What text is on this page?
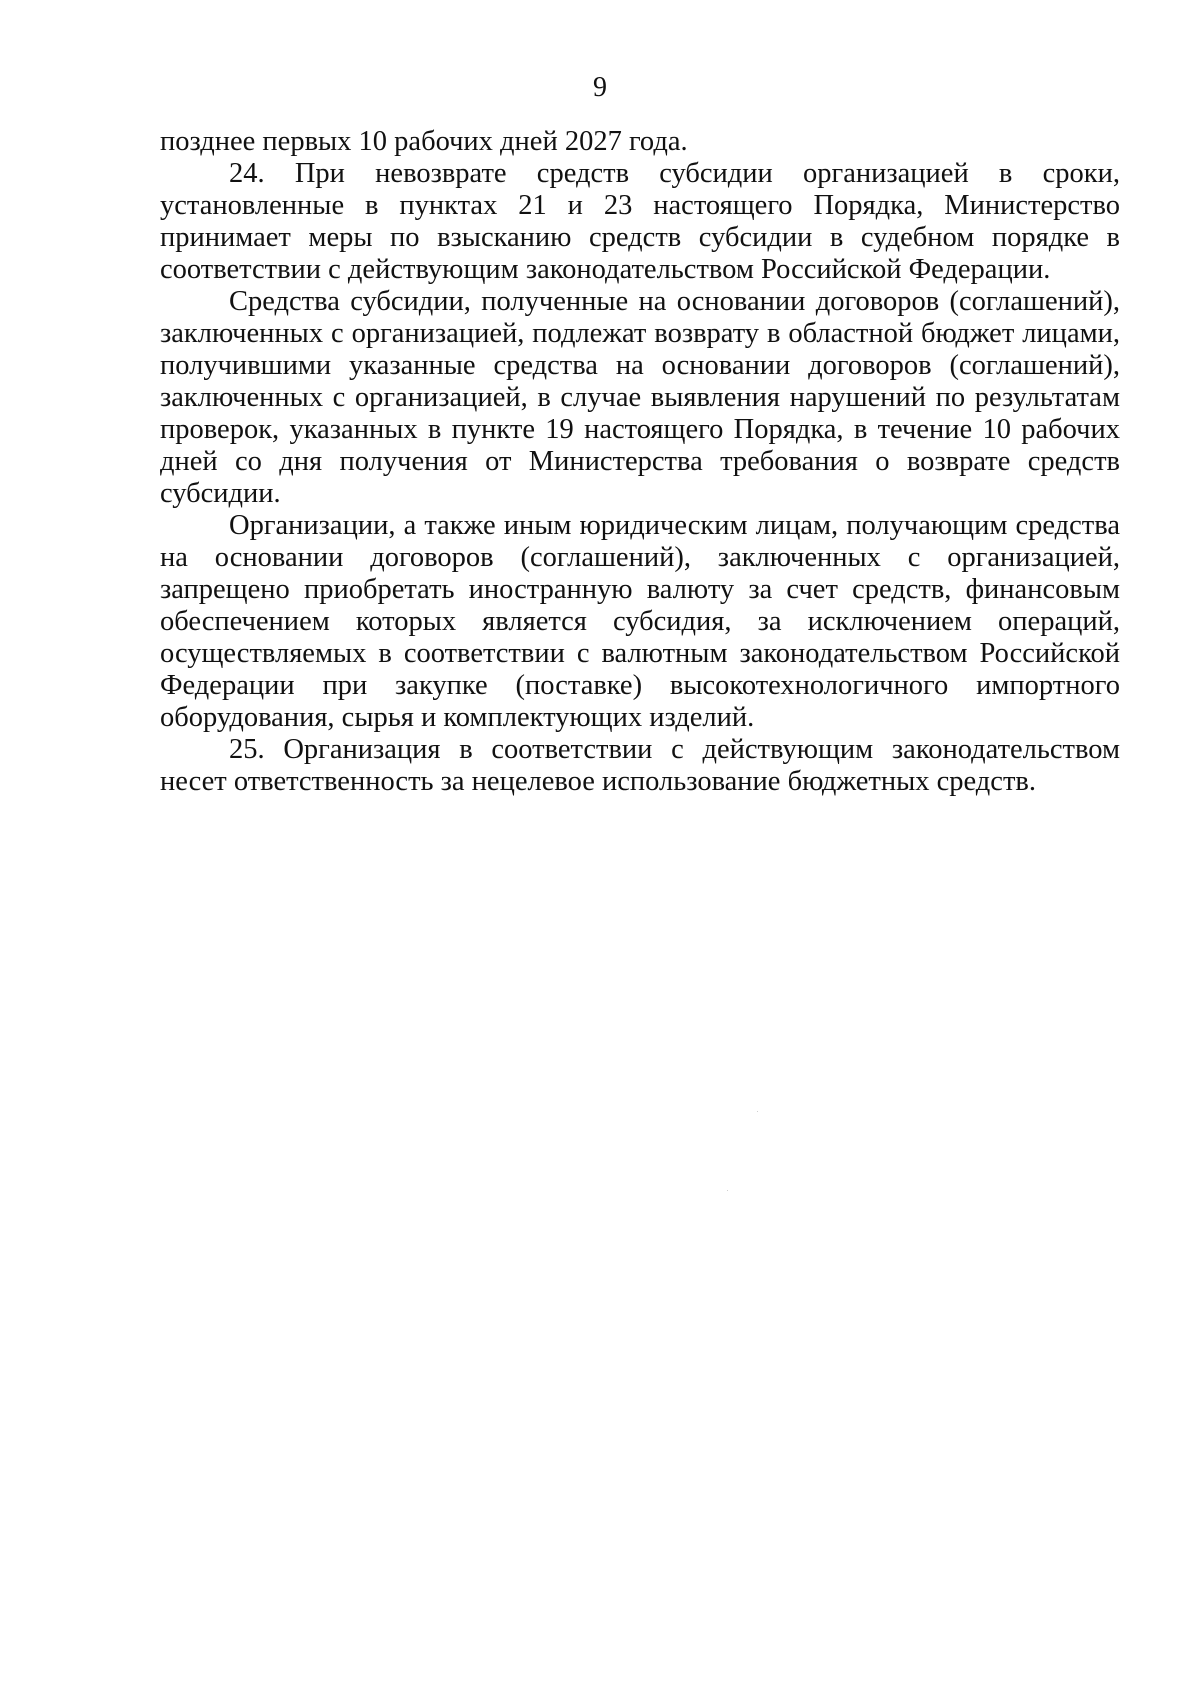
9

позднее первых 10 рабочих дней 2027 года.

24. При невозврате средств субсидии организацией в сроки, установленные в пунктах 21 и 23 настоящего Порядка, Министерство принимает меры по взысканию средств субсидии в судебном порядке в соответствии с действующим законодательством Российской Федерации.

Средства субсидии, полученные на основании договоров (соглашений), заключенных с организацией, подлежат возврату в областной бюджет лицами, получившими указанные средства на основании договоров (соглашений), заключенных с организацией, в случае выявления нарушений по результатам проверок, указанных в пункте 19 настоящего Порядка, в течение 10 рабочих дней со дня получения от Министерства требования о возврате средств субсидии.

Организации, а также иным юридическим лицам, получающим средства на основании договоров (соглашений), заключенных с организацией, запрещено приобретать иностранную валюту за счет средств, финансовым обеспечением которых является субсидия, за исключением операций, осуществляемых в соответствии с валютным законодательством Российской Федерации при закупке (поставке) высокотехнологичного импортного оборудования, сырья и комплектующих изделий.

25. Организация в соответствии с действующим законодательством несет ответственность за нецелевое использование бюджетных средств.
